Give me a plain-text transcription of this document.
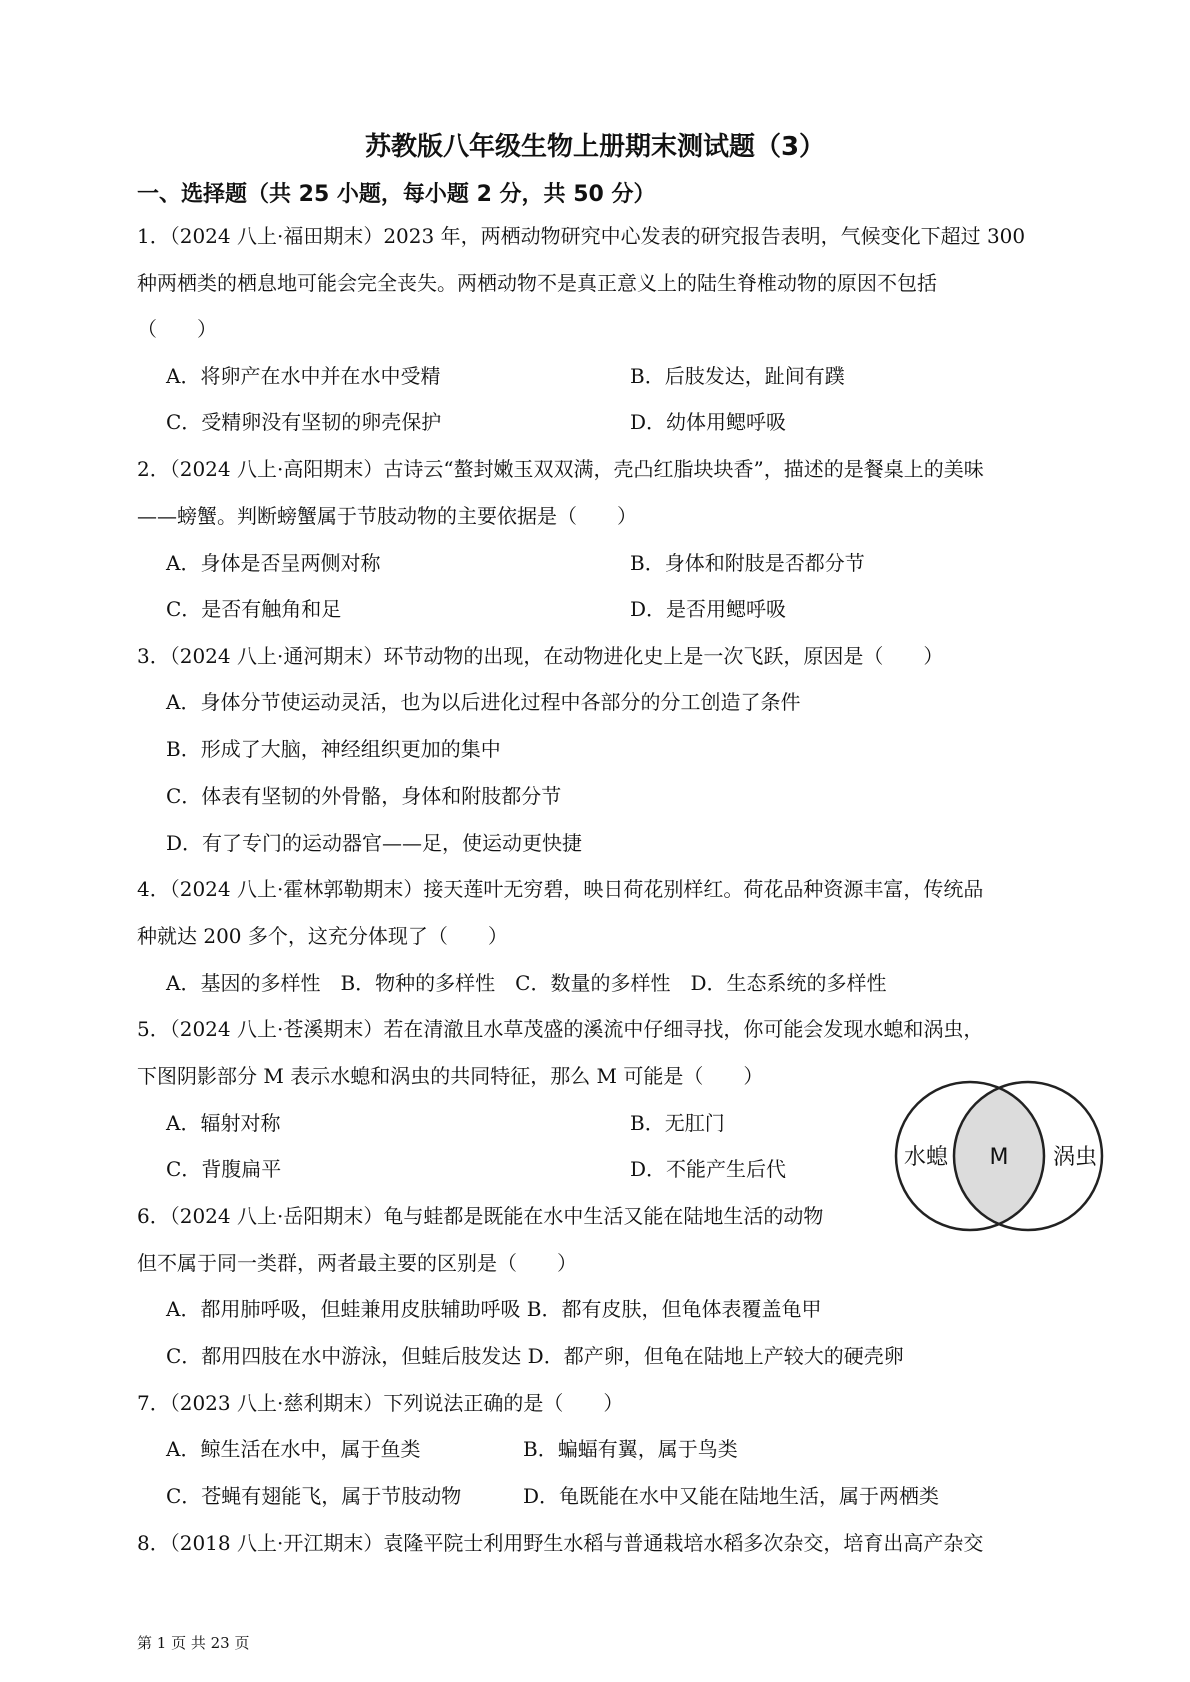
苏教版八年级生物上册期末测试题（3）
一、选择题（共 25 小题，每小题 2 分，共 50 分）
1．（2024 八上·福田期末）2023 年，两栖动物研究中心发表的研究报告表明，气候变化下超过 300
种两栖类的栖息地可能会完全丧失。两栖动物不是真正意义上的陆生脊椎动物的原因不包括
（　　）
A．将卵产在水中并在水中受精	B．后肢发达，趾间有蹼
C．受精卵没有坚韧的卵壳保护	D．幼体用鳃呼吸
2．（2024 八上·高阳期末）古诗云“螯封嫩玉双双满，壳凸红脂块块香”，描述的是餐桌上的美味
——螃蟹。判断螃蟹属于节肢动物的主要依据是（　　）
A．身体是否呈两侧对称	B．身体和附肢是否都分节
C．是否有触角和足	D．是否用鳃呼吸
3．（2024 八上·通河期末）环节动物的出现，在动物进化史上是一次飞跃，原因是（　　）
A．身体分节使运动灵活，也为以后进化过程中各部分的分工创造了条件
B．形成了大脑，神经组织更加的集中
C．体表有坚韧的外骨骼，身体和附肢都分节
D．有了专门的运动器官——足，使运动更快捷
4．（2024 八上·霍林郭勒期末）接天莲叶无穷碧，映日荷花别样红。荷花品种资源丰富，传统品
种就达 200 多个，这充分体现了（　　）
A．基因的多样性　B．物种的多样性　C．数量的多样性　D．生态系统的多样性
5．（2024 八上·苍溪期末）若在清澈且水草茂盛的溪流中仔细寻找，你可能会发现水螅和涡虫，
下图阴影部分 M 表示水螅和涡虫的共同特征，那么 M 可能是（　　）
A．辐射对称	B．无肛门
C．背腹扁平	D．不能产生后代	水螅 M 涡虫
6．（2024 八上·岳阳期末）龟与蛙都是既能在水中生活又能在陆地生活的动物
但不属于同一类群，两者最主要的区别是（　　）
A．都用肺呼吸，但蛙兼用皮肤辅助呼吸 B．都有皮肤，但龟体表覆盖龟甲
C．都用四肢在水中游泳，但蛙后肢发达 D．都产卵，但龟在陆地上产较大的硬壳卵
7．（2023 八上·慈利期末）下列说法正确的是（　　）
A．鲸生活在水中，属于鱼类	B．蝙蝠有翼，属于鸟类
C．苍蝇有翅能飞，属于节肢动物	D．龟既能在水中又能在陆地生活，属于两栖类
8．（2018 八上·开江期末）袁隆平院士利用野生水稻与普通栽培水稻多次杂交，培育出高产杂交
第 1 页 共 23 页
